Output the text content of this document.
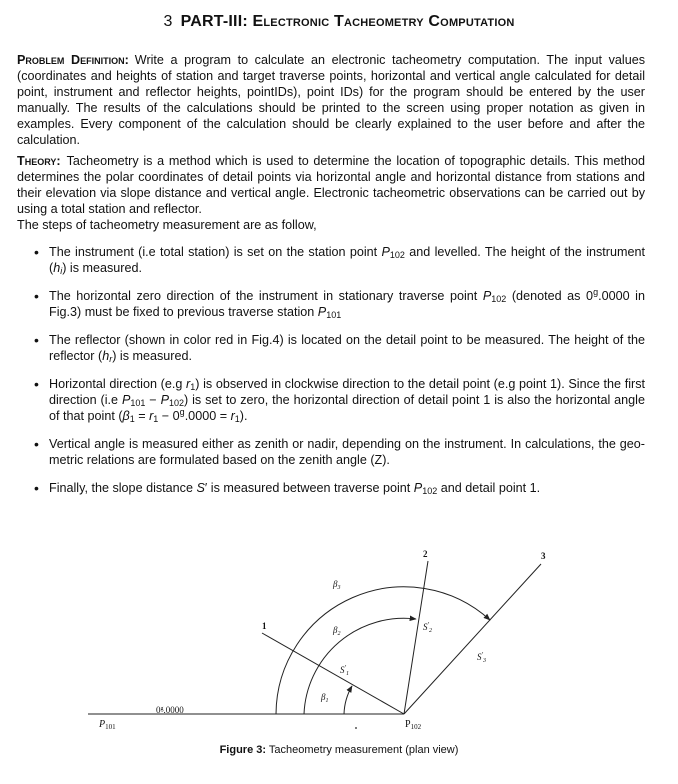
3 PART-III: Electronic Tacheometry Computation

Problem Definition: Write a program to calculate an electronic tacheometry computation. The input values (coordinates and heights of station and target traverse points, horizontal and vertical angle calculated for detail point, instrument and reflector heights, pointIDs), point IDs) for the program should be entered by the user manually. The results of the calculations should be printed to the screen using proper notation as given in examples. Every component of the calculation should be clearly explained to the user before and after the calculation.

Theory: Tacheometry is a method which is used to determine the location of topographic details. This method determines the polar coordinates of detail points via horizontal angle and horizontal distance from stations and their elevation via slope distance and vertical angle. Electronic tacheometric observations can be carried out by using a total station and reflector.
The steps of tacheometry measurement are as follow,

• The instrument (i.e total station) is set on the station point $P_{102}$ and levelled. The height of the instrument $(h_i)$ is measured.
• The horizontal zero direction of the instrument in stationary traverse point $P_{102}$ (denoted as 0$^g$.0000 in Fig.3) must be fixed to previous traverse station $P_{101}$
• The reflector (shown in color red in Fig.4) is located on the detail point to be measured. The height of the reflector $(h_r)$ is measured.
• Horizontal direction (e.g $r_1$) is observed in clockwise direction to the detail point (e.g point 1). Since the first direction (i.e $P_{101} - P_{102}$) is set to zero, the horizontal direction of detail point 1 is also the horizontal angle of that point $(\beta_1 = r_1 - 0^g.0000 = r_1)$.
• Vertical angle is measured either as zenith or nadir, depending on the instrument. In calculations, the geo-metric relations are formulated based on the zenith angle (Z).
• Finally, the slope distance S′ is measured between traverse point $P_{102}$ and detail point 1.
$P_{101}$	$P_{102}$
0$^g$.0000
1
2	3
$\beta_3$
$\beta_2$
$\beta_1$
$S'_1$
$S'_2$
$S'_3$
Figure 3: Tacheometry measurement (plan view)
